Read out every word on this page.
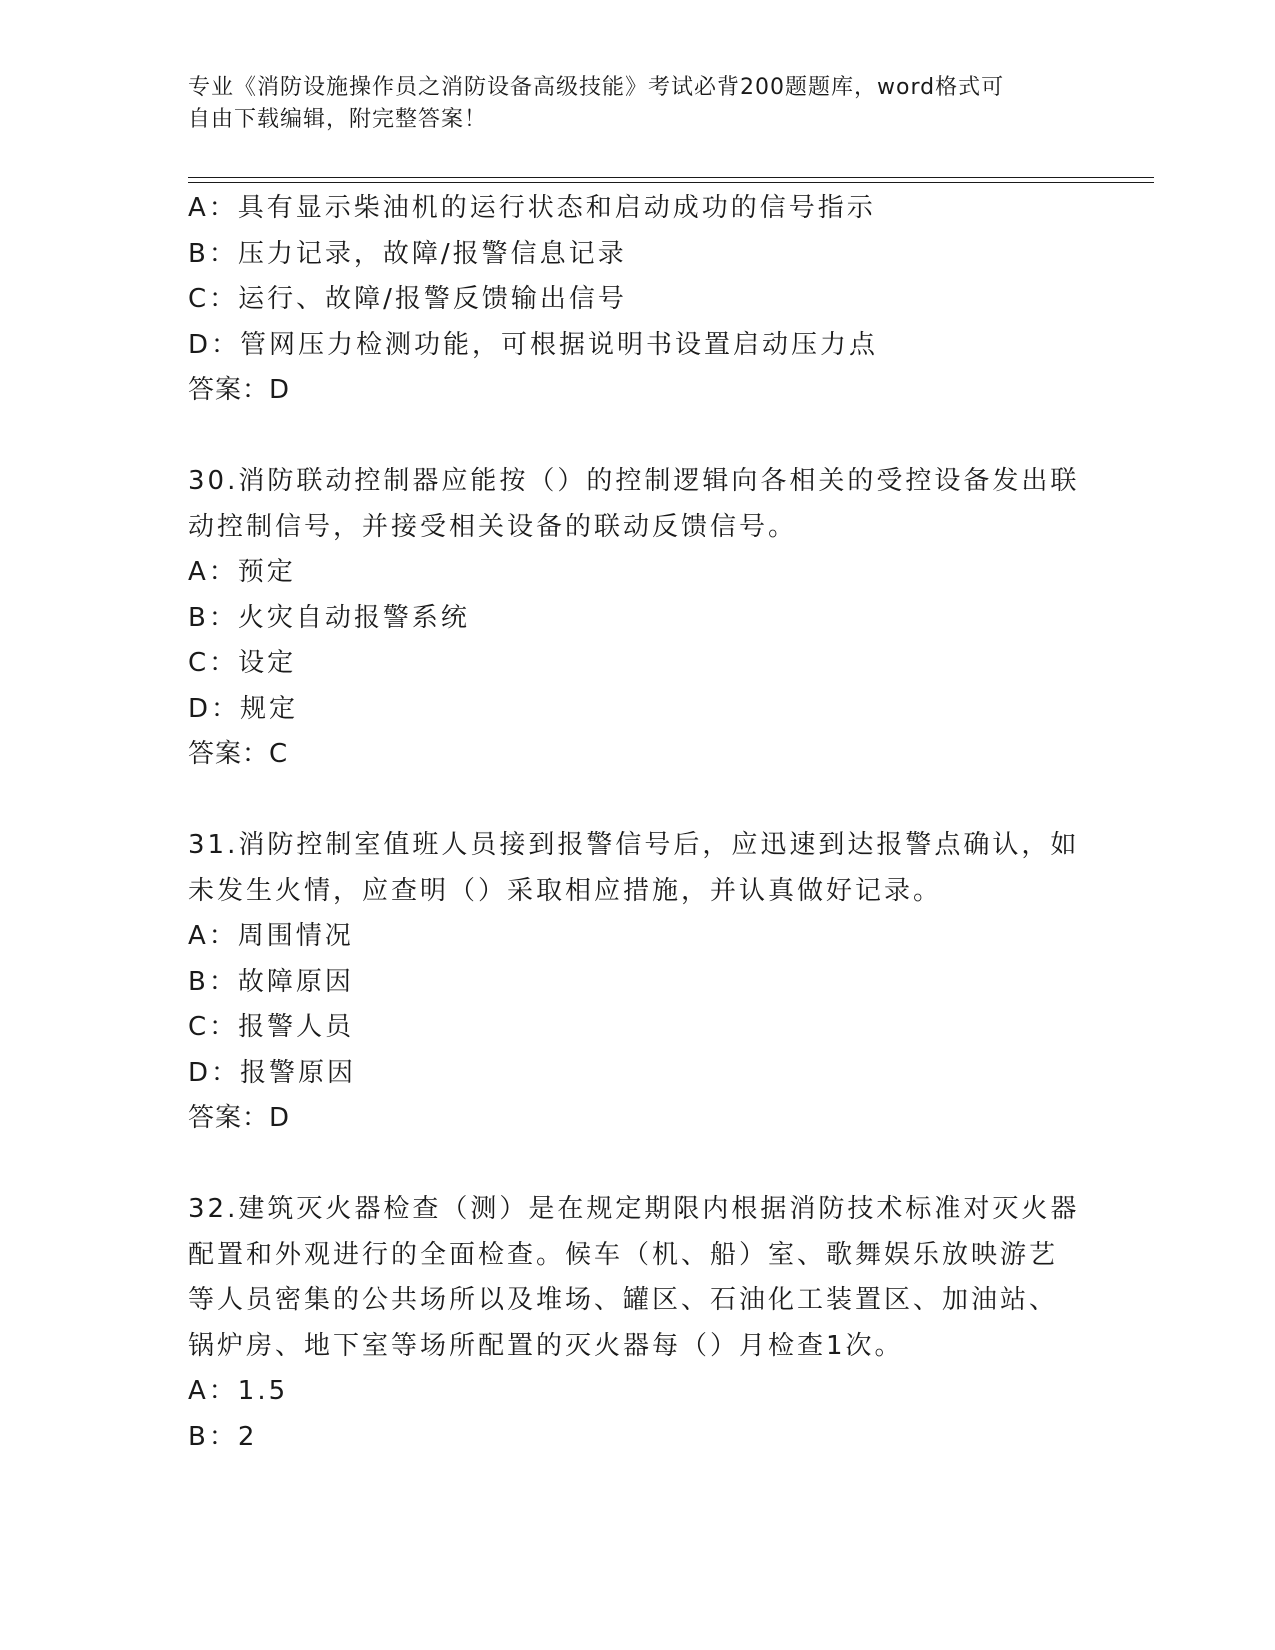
专业《消防设施操作员之消防设备高级技能》考试必背200题题库，word格式可
自由下载编辑，附完整答案！
A：具有显示柴油机的运行状态和启动成功的信号指示
B：压力记录，故障/报警信息记录
C：运行、故障/报警反馈输出信号
D：管网压力检测功能，可根据说明书设置启动压力点
答案：D
30.消防联动控制器应能按（）的控制逻辑向各相关的受控设备发出联
动控制信号，并接受相关设备的联动反馈信号。
A：预定
B：火灾自动报警系统
C：设定
D：规定
答案：C
31.消防控制室值班人员接到报警信号后，应迅速到达报警点确认，如
未发生火情，应查明（）采取相应措施，并认真做好记录。
A：周围情况
B：故障原因
C：报警人员
D：报警原因
答案：D
32.建筑灭火器检查（测）是在规定期限内根据消防技术标准对灭火器
配置和外观进行的全面检查。候车（机、船）室、歌舞娱乐放映游艺
等人员密集的公共场所以及堆场、罐区、石油化工装置区、加油站、
锅炉房、地下室等场所配置的灭火器每（）月检查1次。
A：1.5
B：2
